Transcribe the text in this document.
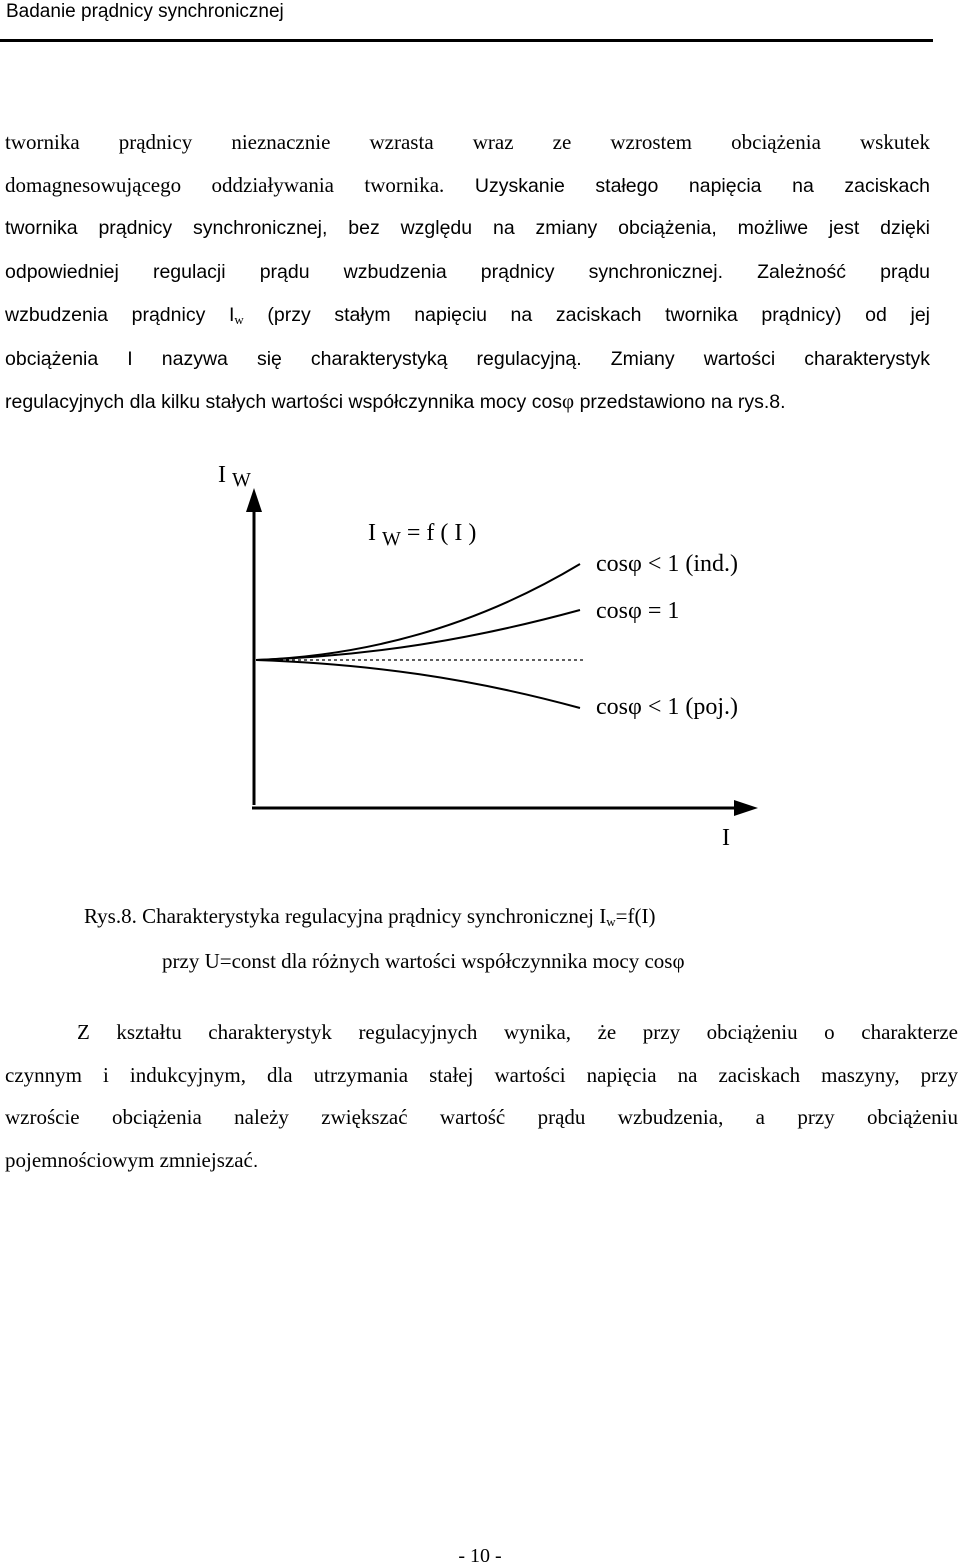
Badanie prądnicy synchronicznej
twornika prądnicy nieznacznie wzrasta wraz ze wzrostem obciążenia wskutek
domagnesowującego oddziaływania twornika. Uzyskanie stałego napięcia na zaciskach
twornika prądnicy synchronicznej, bez względu na zmiany obciążenia, możliwe jest dzięki
odpowiedniej regulacji prądu wzbudzenia prądnicy synchronicznej. Zależność prądu
wzbudzenia prądnicy $I_w$ (przy stałym napięciu na zaciskach twornika prądnicy) od jej
obciążenia I nazywa się charakterystyką regulacyjną. Zmiany wartości charakterystyk
regulacyjnych dla kilku stałych wartości współczynnika mocy cosφ przedstawiono na rys.8.
I W
I $_W$ = f ( I )
cosφ < 1 (ind.)
cosφ = 1
cosφ < 1 (poj.)
I
Rys.8. Charakterystyka regulacyjna prądnicy synchronicznej $I_w=f(I)$
przy U=const dla różnych wartości współczynnika mocy cosφ
Z kształtu charakterystyk regulacyjnych wynika, że przy obciążeniu o charakterze
czynnym i indukcyjnym, dla utrzymania stałej wartości napięcia na zaciskach maszyny, przy
wzroście obciążenia należy zwiększać wartość prądu wzbudzenia, a przy obciążeniu
pojemnościowym zmniejszać.
- 10 -
